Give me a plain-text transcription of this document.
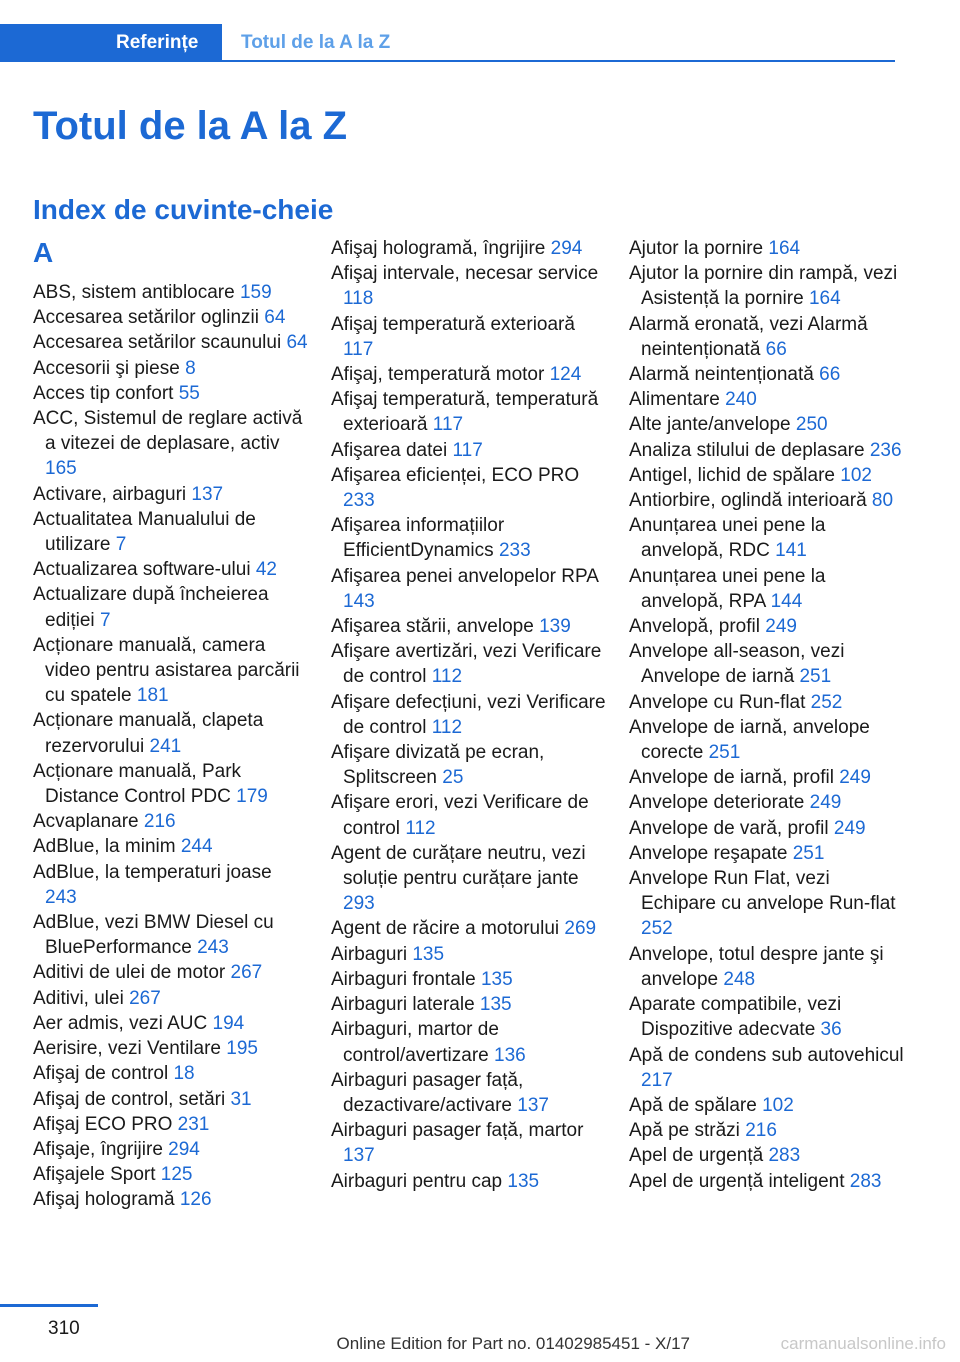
Referințe	Totul de la A la Z
Totul de la A la Z
Index de cuvinte-cheie
A
ABS, sistem antiblocare 159
Accesarea setărilor oglinzii 64
Accesarea setărilor scaunului 64
Accesorii şi piese 8
Acces tip confort 55
ACC, Sistemul de reglare activă a vitezei de deplasare, activ 165
Activare, airbaguri 137
Actualitatea Manualului de utilizare 7
Actualizarea software-ului 42
Actualizare după încheierea ediției 7
Acționare manuală, camera video pentru asistarea parcării cu spatele 181
Acționare manuală, clapeta rezervorului 241
Acționare manuală, Park Distance Control PDC 179
Acvaplanare 216
AdBlue, la minim 244
AdBlue, la temperaturi joase 243
AdBlue, vezi BMW Diesel cu BluePerformance 243
Aditivi de ulei de motor 267
Aditivi, ulei 267
Aer admis, vezi AUC 194
Aerisire, vezi Ventilare 195
Afişaj de control 18
Afişaj de control, setări 31
Afişaj ECO PRO 231
Afişaje, îngrijire 294
Afişajele Sport 125
Afişaj hologramă 126
Afişaj hologramă, îngrijire 294
Afişaj intervale, necesar service 118
Afişaj temperatură exterioară 117
Afişaj, temperatură motor 124
Afişaj temperatură, temperatură exterioară 117
Afişarea datei 117
Afişarea eficienței, ECO PRO 233
Afişarea informațiilor EfficientDynamics 233
Afişarea penei anvelopelor RPA 143
Afişarea stării, anvelope 139
Afişare avertizări, vezi Verificare de control 112
Afişare defecțiuni, vezi Verificare de control 112
Afişare divizată pe ecran, Splitscreen 25
Afişare erori, vezi Verificare de control 112
Agent de curățare neutru, vezi soluție pentru curățare jante 293
Agent de răcire a motorului 269
Airbaguri 135
Airbaguri frontale 135
Airbaguri laterale 135
Airbaguri, martor de control/avertizare 136
Airbaguri pasager față, dezactivare/activare 137
Airbaguri pasager față, martor 137
Airbaguri pentru cap 135
Ajutor la pornire 164
Ajutor la pornire din rampă, vezi Asistență la pornire 164
Alarmă eronată, vezi Alarmă neintenționată 66
Alarmă neintenționată 66
Alimentare 240
Alte jante/anvelope 250
Analiza stilului de deplasare 236
Antigel, lichid de spălare 102
Antiorbire, oglindă interioară 80
Anunțarea unei pene la anvelopă, RDC 141
Anunțarea unei pene la anvelopă, RPA 144
Anvelopă, profil 249
Anvelope all-season, vezi Anvelope de iarnă 251
Anvelope cu Run-flat 252
Anvelope de iarnă, anvelope corecte 251
Anvelope de iarnă, profil 249
Anvelope deteriorate 249
Anvelope de vară, profil 249
Anvelope reşapate 251
Anvelope Run Flat, vezi Echipare cu anvelope Run-flat 252
Anvelope, totul despre jante şi anvelope 248
Aparate compatibile, vezi Dispozitive adecvate 36
Apă de condens sub autovehicul 217
Apă de spălare 102
Apă pe străzi 216
Apel de urgență 283
Apel de urgență inteligent 283
310
Online Edition for Part no. 01402985451 - X/17	carmanualsonline.info
